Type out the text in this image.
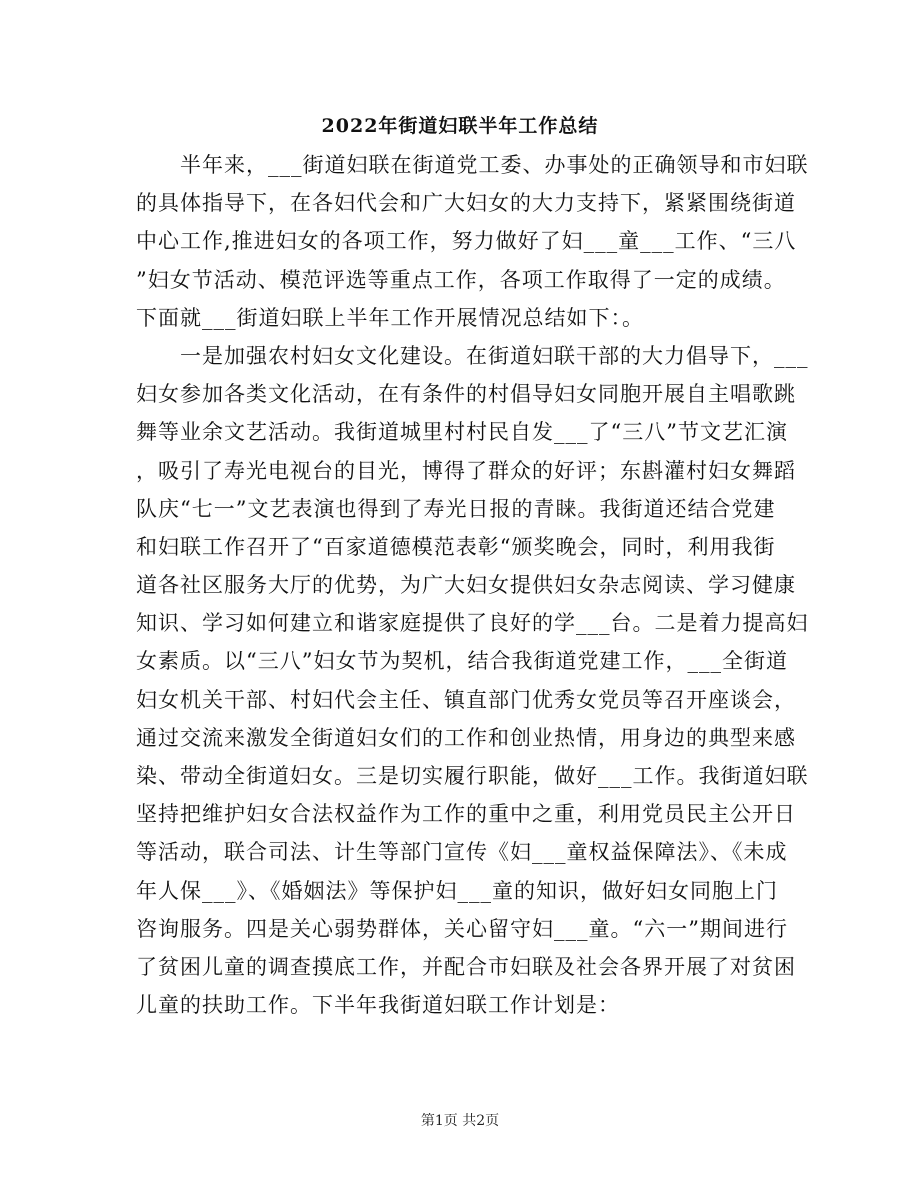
2022年街道妇联半年工作总结
　　半年来，___街道妇联在街道党工委、办事处的正确领导和市妇联
的具体指导下，在各妇代会和广大妇女的大力支持下，紧紧围绕街道
中心工作,推进妇女的各项工作，努力做好了妇___童___工作、“三八
”妇女节活动、模范评选等重点工作，各项工作取得了一定的成绩。
下面就___街道妇联上半年工作开展情况总结如下：。
　　一是加强农村妇女文化建设。在街道妇联干部的大力倡导下，___
妇女参加各类文化活动，在有条件的村倡导妇女同胞开展自主唱歌跳
舞等业余文艺活动。我街道城里村村民自发___了“三八”节文艺汇演
，吸引了寿光电视台的目光，博得了群众的好评；东斟灌村妇女舞蹈
队庆“七一”文艺表演也得到了寿光日报的青睐。我街道还结合党建
和妇联工作召开了“百家道德模范表彰“颁奖晚会，同时，利用我街
道各社区服务大厅的优势，为广大妇女提供妇女杂志阅读、学习健康
知识、学习如何建立和谐家庭提供了良好的学___台。二是着力提高妇
女素质。以“三八”妇女节为契机，结合我街道党建工作，___全街道
妇女机关干部、村妇代会主任、镇直部门优秀女党员等召开座谈会，
通过交流来激发全街道妇女们的工作和创业热情，用身边的典型来感
染、带动全街道妇女。三是切实履行职能，做好___工作。我街道妇联
坚持把维护妇女合法权益作为工作的重中之重，利用党员民主公开日
等活动，联合司法、计生等部门宣传《妇___童权益保障法》、《未成
年人保___》、《婚姻法》等保护妇___童的知识，做好妇女同胞上门
咨询服务。四是关心弱势群体，关心留守妇___童。“六一”期间进行
了贫困儿童的调查摸底工作，并配合市妇联及社会各界开展了对贫困
儿童的扶助工作。下半年我街道妇联工作计划是：
第1页 共2页
